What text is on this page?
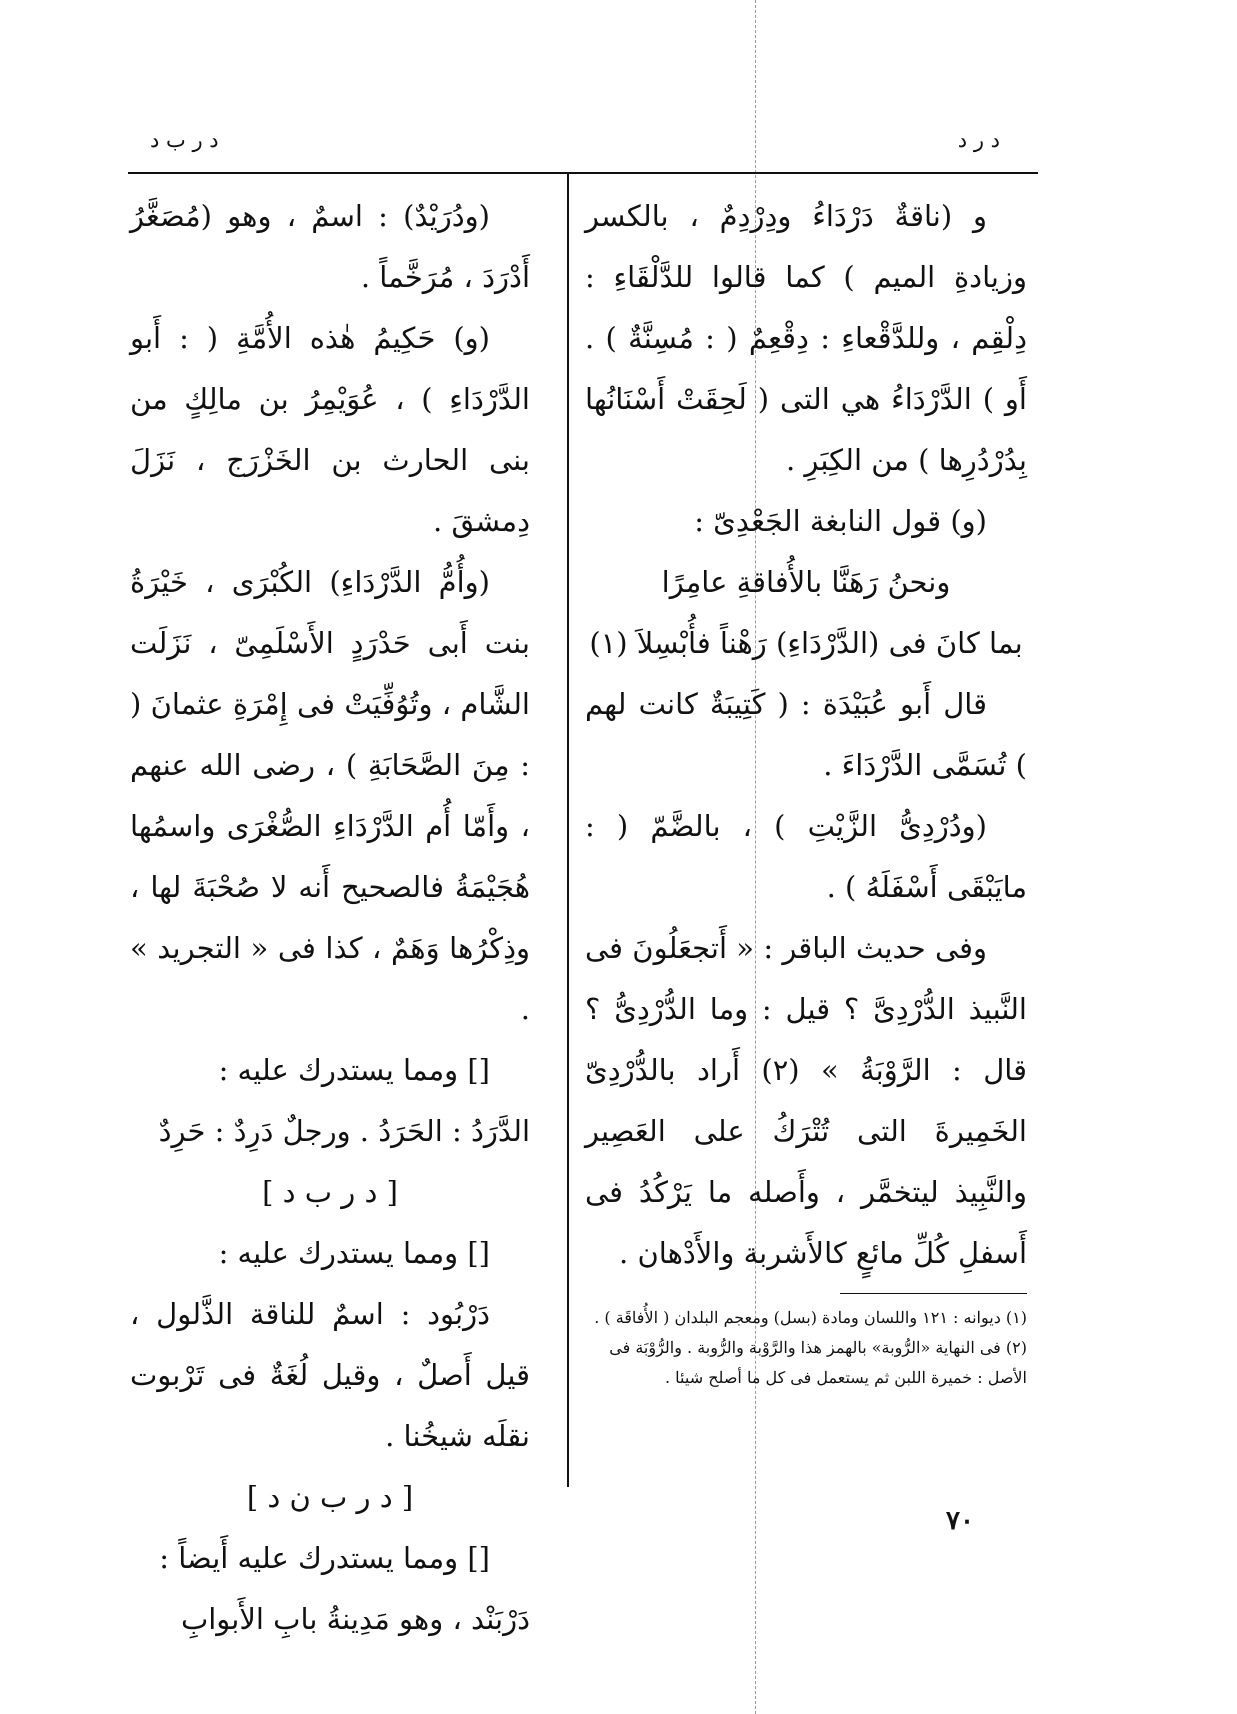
د ر د
د ر ب د

و (ناقةٌ دَرْدَاءُ ودِرْدِمٌ ، بالكسر وزيادةِ الميم ) كما قالوا للدَّلْقَاءِ : دِلْقِم ، وللدَّقْعاءِ : دِقْعِمٌ ( : مُسِنَّةٌ ) . أَو ) الدَّرْدَاءُ هي التى ( لَحِقَتْ أَسْنَانُها بِدُرْدُرِها ) من الكِبَرِ .

(و) قول النابغة الجَعْدِىّ :

ونحنُ رَهَنَّا بالأُفاقةِ عامِرًا

بما كانَ فى (الدَّرْدَاءِ) رَهْناً فأُبْسِلاَ (١)

قال أَبو عُبَيْدَة : ( كَتِيبَةٌ كانت لهم ) تُسَمَّى الدَّرْدَاءَ .

(ودُرْدِىُّ الزَّيْتِ ) ، بالضَّمّ ( : مايَبْقَى أَسْفَلَهُ ) .

وفى حديث الباقر : « أَتجعَلُونَ فى النَّبيذ الدُّرْدِىَّ ؟ قيل : وما الدُّرْدِىُّ ؟ قال : الرَّوْبَةُ » (٢) أَراد بالدُّرْدِىّ الخَمِيرةَ التى تُتْرَكُ على العَصِير والنَّبِيذ ليتخمَّر ، وأَصله ما يَرْكُدُ فى أَسفلِ كُلِّ مائعٍ كالأَشربة والأَدْهان .

(١) ديوانه : ١٢١ واللسان ومادة (بسل) ومعجم البلدان ( الأُفاقَة ) .

(٢) فى النهاية «الرُّوبة» بالهمز هذا والرَّوْبة والرُّوبة . والرُّوْبَة فى الأصل : خميرة اللبن ثم يستعمل فى كل ما أصلح شيئا .

(ودُرَيْدٌ) : اسمٌ ، وهو (مُصَغَّرُ أَدْرَدَ ، مُرَخَّماً .

(و) حَكِيمُ هٰذه الأُمَّةِ ( : أَبو الدَّرْدَاءِ ) ، عُوَيْمِرُ بن مالِكٍ من بنى الحارث بن الخَزْرَج ، نَزَلَ دِمشقَ .

(وأُمُّ الدَّرْدَاءِ) الكُبْرَى ، خَيْرَةُ بنت أَبى حَدْرَدٍ الأَسْلَمِىّ ، نَزَلَت الشَّام ، وتُوُفِّيَتْ فى إِمْرَةِ عثمانَ ( : مِنَ الصَّحَابَةِ ) ، رضى الله عنهم ، وأَمّا أُم الدَّرْدَاءِ الصُّغْرَى واسمُها هُجَيْمَةُ فالصحيح أَنه لا صُحْبَةَ لها ، وذِكْرُها وَهَمٌ ، كذا فى « التجريد » .

[] ومما يستدرك عليه :

الدَّرَدُ : الحَرَدُ . ورجلٌ دَرِدٌ : حَرِدٌ

[ د ر ب د ]

[] ومما يستدرك عليه :

دَرْبُود : اسمٌ للناقة الذَّلول ، قيل أَصلٌ ، وقيل لُغَةٌ فى تَرْبوت نقلَه شيخُنا .

[ د ر ب ن د ]

[] ومما يستدرك عليه أَيضاً :

دَرْبَنْد ، وهو مَدِينةُ بابِ الأَبوابِ

٧٠
